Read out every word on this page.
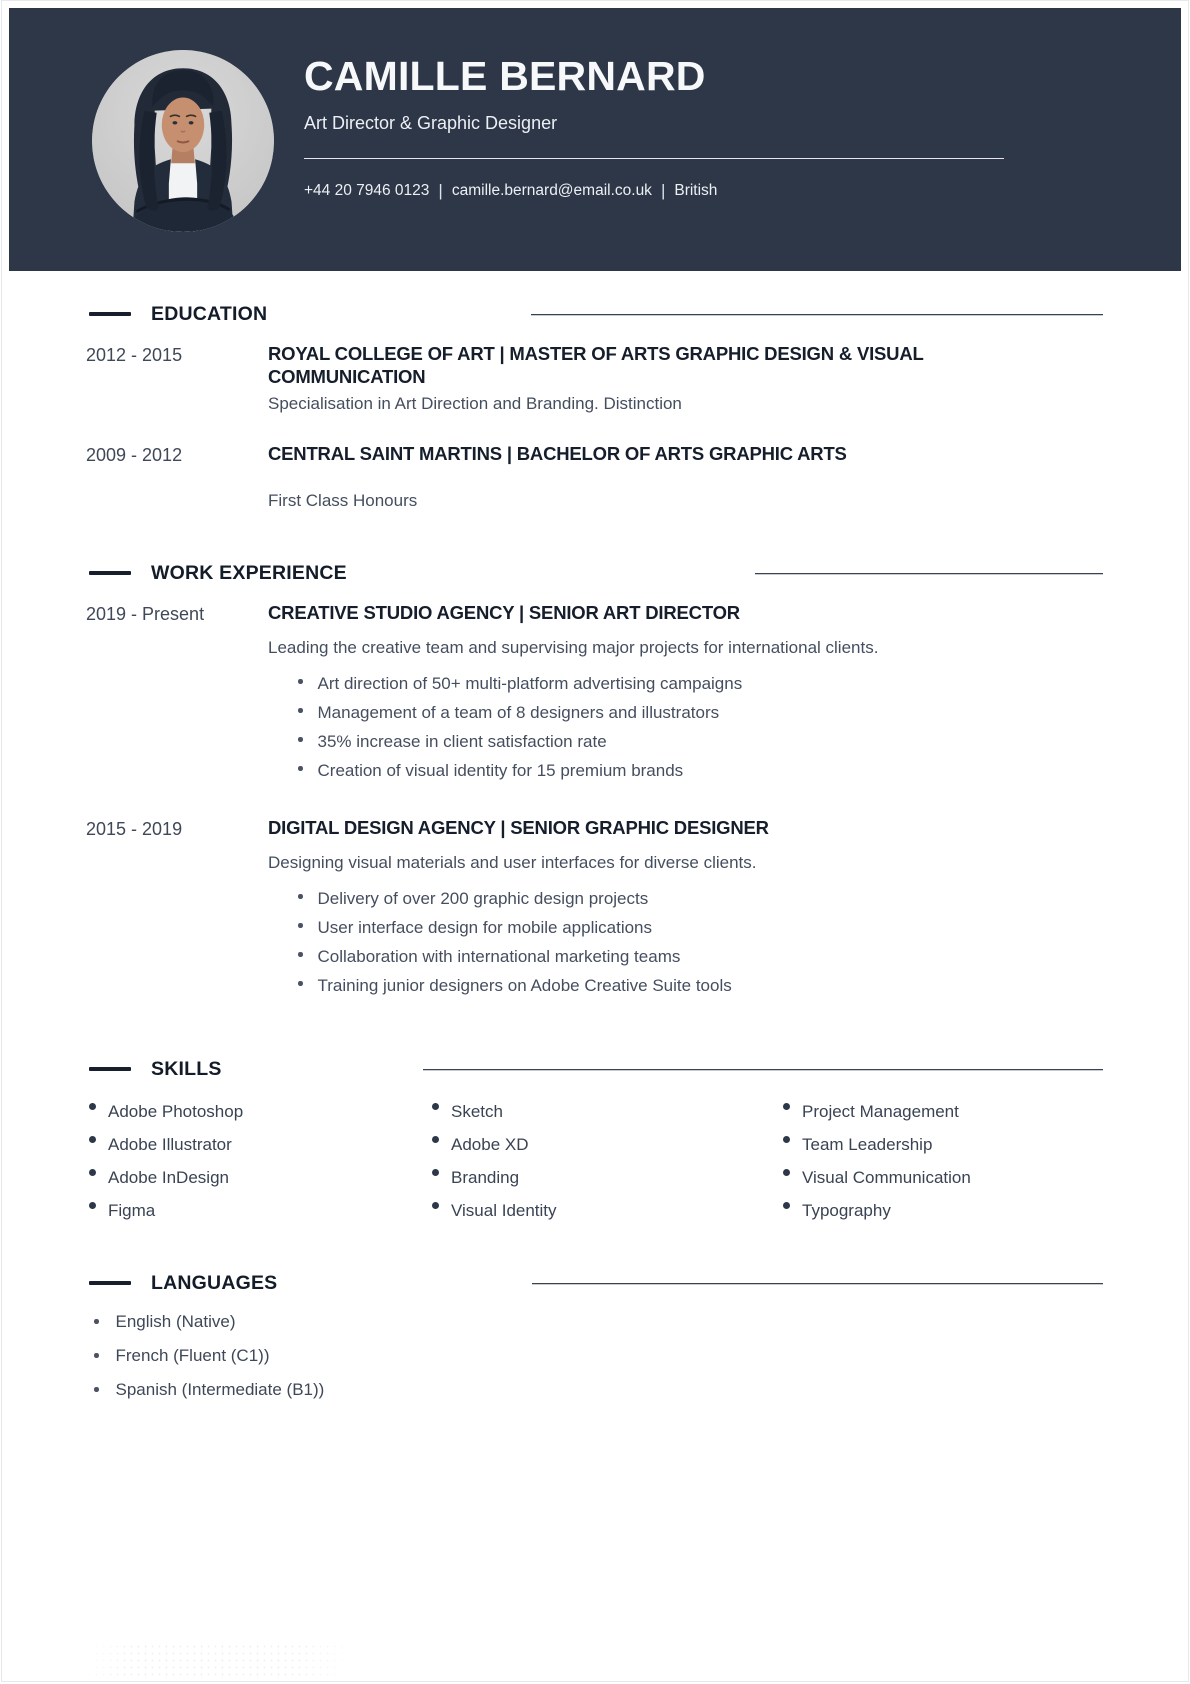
CAMILLE BERNARD
Art Director & Graphic Designer
+44 20 7946 0123 | camille.bernard@email.co.uk | British
EDUCATION
2012 - 2015	ROYAL COLLEGE OF ART | MASTER OF ARTS GRAPHIC DESIGN & VISUAL COMMUNICATION

Specialisation in Art Direction and Branding. Distinction

2009 - 2012	CENTRAL SAINT MARTINS | BACHELOR OF ARTS GRAPHIC ARTS

First Class Honours

WORK EXPERIENCE
2019 - Present	CREATIVE STUDIO AGENCY | SENIOR ART DIRECTOR

Leading the creative team and supervising major projects for international clients.

Art direction of 50+ multi-platform advertising campaigns
Management of a team of 8 designers and illustrators
35% increase in client satisfaction rate
Creation of visual identity for 15 premium brands
2015 - 2019	DIGITAL DESIGN AGENCY | SENIOR GRAPHIC DESIGNER

Designing visual materials and user interfaces for diverse clients.

Delivery of over 200 graphic design projects
User interface design for mobile applications
Collaboration with international marketing teams
Training junior designers on Adobe Creative Suite tools
SKILLS
Adobe Photoshop
Adobe Illustrator
Adobe InDesign
Figma
Sketch
Adobe XD
Branding
Visual Identity
Project Management
Team Leadership
Visual Communication
Typography
LANGUAGES
English (Native)
French (Fluent (C1))
Spanish (Intermediate (B1))
